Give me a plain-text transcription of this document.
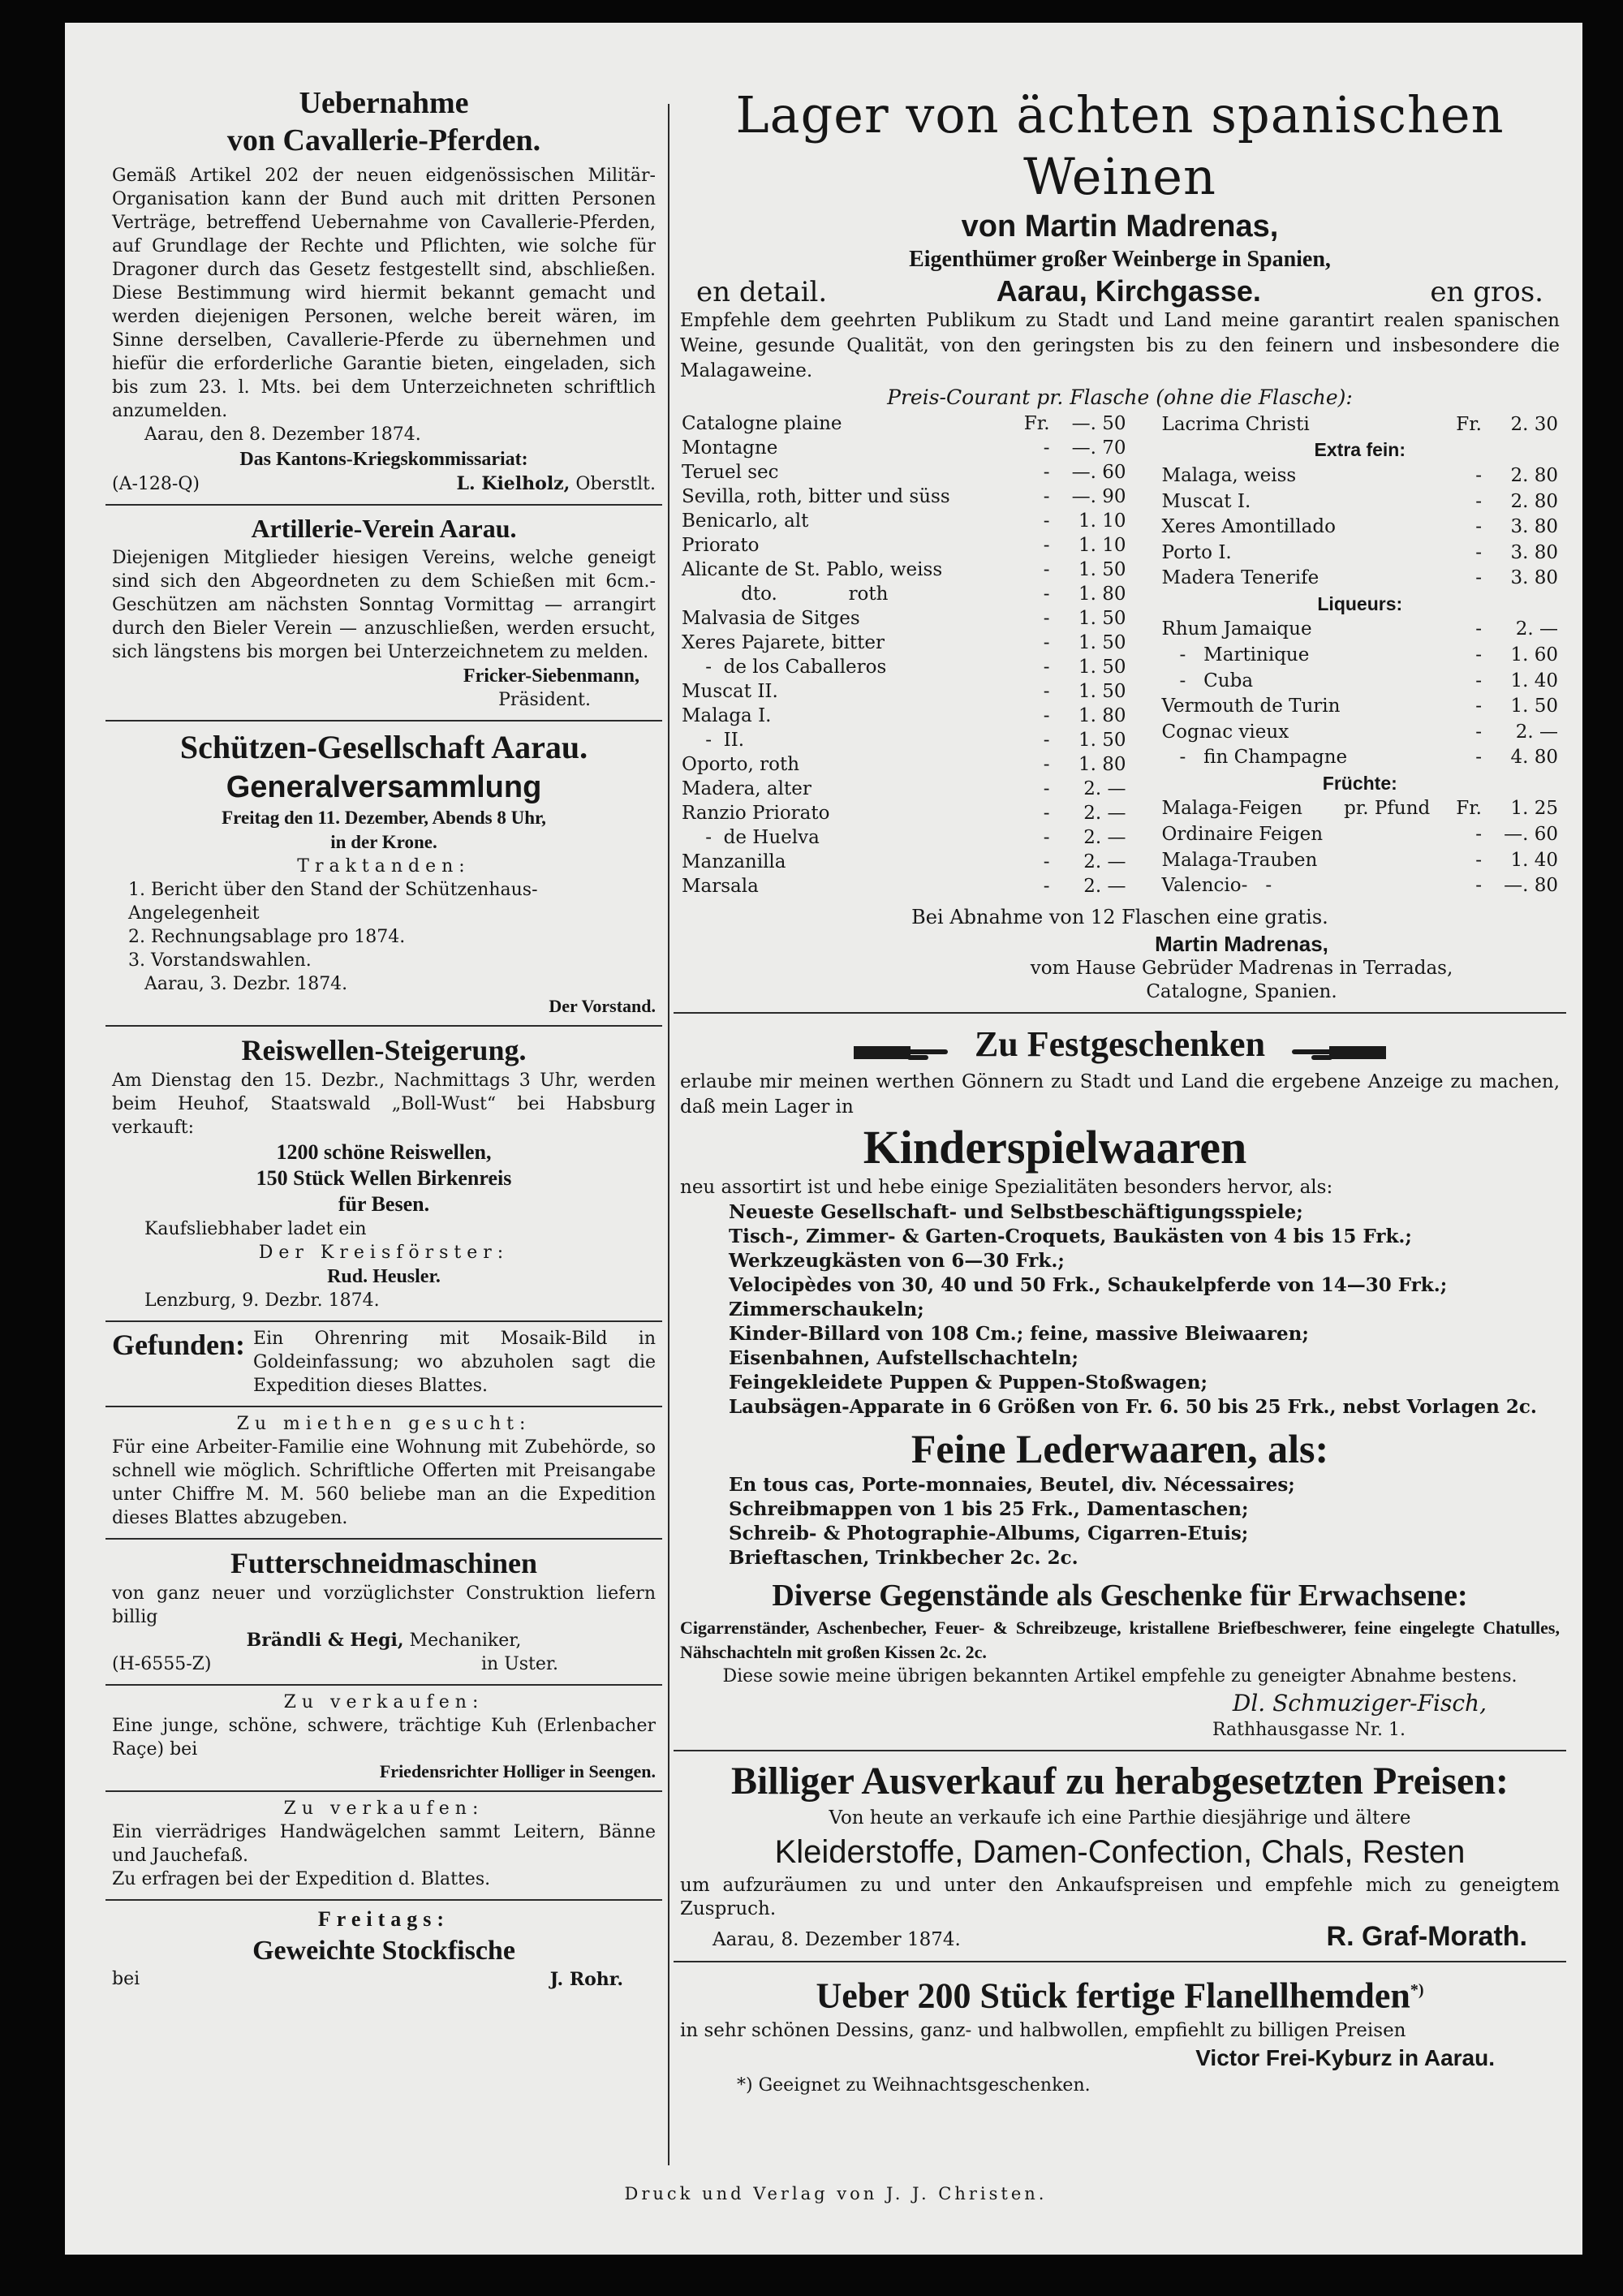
Uebernahme

von Cavallerie-Pferden.

Gemäß Artikel 202 der neuen eidgenössischen Militär-Organisation kann der Bund auch mit dritten Personen Verträge, betreffend Uebernahme von Cavallerie-Pferden, auf Grundlage der Rechte und Pflichten, wie solche für Dragoner durch das Gesetz festgestellt sind, abschließen. Diese Bestimmung wird hiermit bekannt gemacht und werden diejenigen Personen, welche bereit wären, im Sinne derselben, Cavallerie-Pferde zu übernehmen und hiefür die erforderliche Garantie bieten, eingeladen, sich bis zum 23. l. Mts. bei dem Unterzeichneten schriftlich anzumelden.

Aarau, den 8. Dezember 1874.

Das Kantons-Kriegskommissariat:

(A-128-Q)	L. Kielholz, Oberstlt.

Artillerie-Verein Aarau.

Diejenigen Mitglieder hiesigen Vereins, welche geneigt sind sich den Abgeordneten zu dem Schießen mit 6cm.-Geschützen am nächsten Sonntag Vormittag — arrangirt durch den Bieler Verein — anzuschließen, werden ersucht, sich längstens bis morgen bei Unterzeichnetem zu melden.

Fricker-Siebenmann,

Präsident.

Schützen-Gesellschaft Aarau.

Generalversammlung

Freitag den 11. Dezember, Abends 8 Uhr,

in der Krone.

Traktanden:

1. Bericht über den Stand der Schützenhaus-Angelegenheit

2. Rechnungsablage pro 1874.

3. Vorstandswahlen.

Aarau, 3. Dezbr. 1874.

Der Vorstand.

Reiswellen-Steigerung.

Am Dienstag den 15. Dezbr., Nachmittags 3 Uhr, werden beim Heuhof, Staatswald „Boll-Wust“ bei Habsburg verkauft:

1200 schöne Reiswellen,

150 Stück Wellen Birkenreis

für Besen.

Kaufsliebhaber ladet ein

Der Kreisförster:

Rud. Heusler.

Lenzburg, 9. Dezbr. 1874.

Gefunden: Ein Ohrenring mit Mosaik-Bild in Goldeinfassung; wo abzuholen sagt die Expedition dieses Blattes.

Zu miethen gesucht:

Für eine Arbeiter-Familie eine Wohnung mit Zubehörde, so schnell wie möglich. Schriftliche Offerten mit Preisangabe unter Chiffre M. M. 560 beliebe man an die Expedition dieses Blattes abzugeben.

Futterschneidmaschinen

von ganz neuer und vorzüglichster Construktion liefern billig

Brändli & Hegi, Mechaniker,

(H-6555-Z)	in Uster.

Zu verkaufen:

Eine junge, schöne, schwere, trächtige Kuh (Erlenbacher Raçe) bei

Friedensrichter Holliger in Seengen.

Zu verkaufen:

Ein vierrädriges Handwägelchen sammt Leitern, Bänne und Jauchefaß.

Zu erfragen bei der Expedition d. Blattes.

Freitags:

Geweichte Stockfische

bei	J. Rohr.

Lager von ächten spanischen Weinen

von Martin Madrenas,

Eigenthümer großer Weinberge in Spanien,

en detail.	Aarau, Kirchgasse.	en gros.

Empfehle dem geehrten Publikum zu Stadt und Land meine garantirt realen spanischen Weine, gesunde Qualität, von den geringsten bis zu den feinern und insbesondere die Malagaweine.

Preis-Courant pr. Flasche (ohne die Flasche):

Catalogne plaine	Fr.	—. 50
Montagne	-	—. 70
Teruel sec	-	—. 60
Sevilla, roth, bitter und süss	-	—. 90
Benicarlo, alt	-	1. 10
Priorato	-	1. 10
Alicante de St. Pablo, weiss	-	1. 50
dto.            roth	-	1. 80
Malvasia de Sitges	-	1. 50
Xeres Pajarete, bitter	-	1. 50
-  de los Caballeros	-	1. 50
Muscat II.	-	1. 50
Malaga I.	-	1. 80
-  II.	-	1. 50
Oporto, roth	-	1. 80
Madera, alter	-	2. —
Ranzio Priorato	-	2. —
-  de Huelva	-	2. —
Manzanilla	-	2. —
Marsala	-	2. —
Lacrima Christi	Fr.	2. 30
Extra fein:		
Malaga, weiss	-	2. 80
Muscat I.	-	2. 80
Xeres Amontillado	-	3. 80
Porto I.	-	3. 80
Madera Tenerife	-	3. 80
Liqueurs:		
Rhum Jamaique	-	2. —
-   Martinique	-	1. 60
-   Cuba	-	1. 40
Vermouth de Turin	-	1. 50
Cognac vieux	-	2. —
-   fin Champagne	-	4. 80
Früchte:		
Malaga-Feigen       pr. Pfund	Fr.	1. 25
Ordinaire Feigen	-	—. 60
Malaga-Trauben	-	1. 40
Valencio-   -	-	—. 80

Bei Abnahme von 12 Flaschen eine gratis.

Martin Madrenas,

vom Hause Gebrüder Madrenas in Terradas,

Catalogne, Spanien.

Zu Festgeschenken

erlaube mir meinen werthen Gönnern zu Stadt und Land die ergebene Anzeige zu machen, daß mein Lager in

Kinderspielwaaren

neu assortirt ist und hebe einige Spezialitäten besonders hervor, als:

Neueste Gesellschaft- und Selbstbeschäftigungsspiele;

Tisch-, Zimmer- & Garten-Croquets, Baukästen von 4 bis 15 Frk.;

Werkzeugkästen von 6—30 Frk.;

Velocipèdes von 30, 40 und 50 Frk., Schaukelpferde von 14—30 Frk.;

Zimmerschaukeln;

Kinder-Billard von 108 Cm.; feine, massive Bleiwaaren;

Eisenbahnen, Aufstellschachteln;

Feingekleidete Puppen & Puppen-Stoßwagen;

Laubsägen-Apparate in 6 Größen von Fr. 6. 50 bis 25 Frk., nebst Vorlagen 2c.

Feine Lederwaaren, als:

En tous cas, Porte-monnaies, Beutel, div. Nécessaires;

Schreibmappen von 1 bis 25 Frk., Damentaschen;

Schreib- & Photographie-Albums, Cigarren-Etuis;

Brieftaschen, Trinkbecher 2c. 2c.

Diverse Gegenstände als Geschenke für Erwachsene:

Cigarrenständer, Aschenbecher, Feuer- & Schreibzeuge, kristallene Briefbeschwerer, feine eingelegte Chatulles, Nähschachteln mit großen Kissen 2c. 2c.

Diese sowie meine übrigen bekannten Artikel empfehle zu geneigter Abnahme bestens.

Dl. Schmuziger-Fisch,

Rathhausgasse Nr. 1.

Billiger Ausverkauf zu herabgesetzten Preisen:

Von heute an verkaufe ich eine Parthie diesjährige und ältere

Kleiderstoffe, Damen-Confection, Chals, Resten

um aufzuräumen zu und unter den Ankaufspreisen und empfehle mich zu geneigtem Zuspruch.

Aarau, 8. Dezember 1874.	R. Graf-Morath.

Ueber 200 Stück fertige Flanellhemden*)

in sehr schönen Dessins, ganz- und halbwollen, empfiehlt zu billigen Preisen

Victor Frei-Kyburz in Aarau.

*) Geeignet zu Weihnachtsgeschenken.

Druck und Verlag von J. J. Christen.
